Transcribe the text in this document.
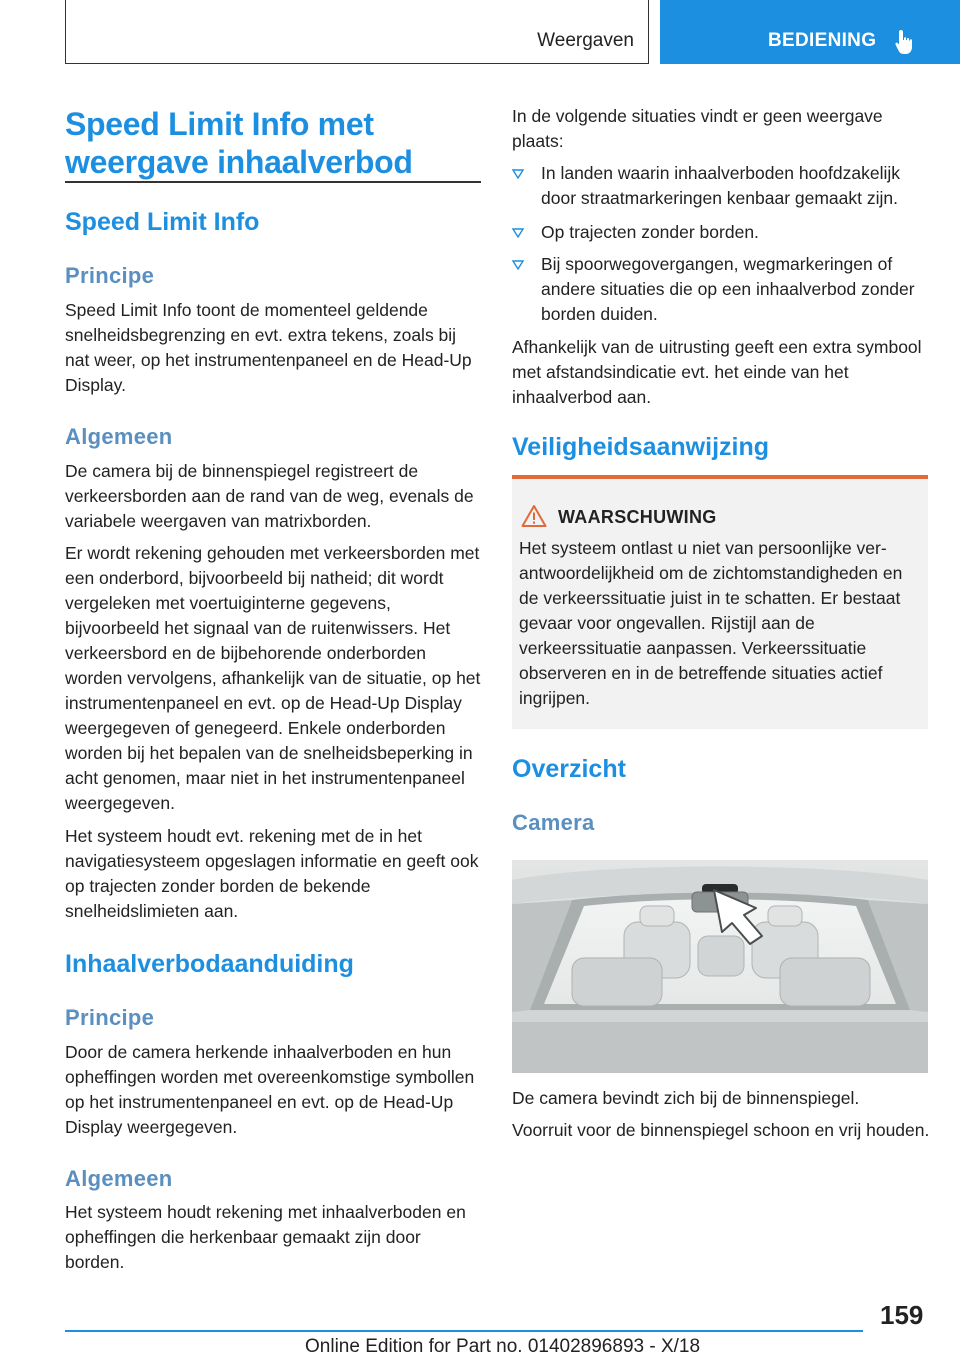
Weergaven	BEDIENING
Speed Limit Info met
weergave inhaalverbod
Speed Limit Info
Principe
Speed Limit Info toont de momenteel geldende snelheidsbegrenzing en evt. extra tekens, zoals bij nat weer, op het instrumentenpaneel en de Head-Up Display.
Algemeen
De camera bij de binnenspiegel registreert de verkeersborden aan de rand van de weg, evenals de variabele weergaven van matrixborden.
Er wordt rekening gehouden met verkeersborden met een onderbord, bijvoorbeeld bij natheid; dit wordt vergeleken met voertuiginterne gegevens, bijvoorbeeld het signaal van de ruitenwissers. Het verkeersbord en de bijbehorende onderborden worden vervolgens, afhankelijk van de situatie, op het instrumentenpaneel en evt. op de Head-Up Display weergegeven of genegeerd. Enkele onderborden worden bij het bepalen van de snelheidsbeperking in acht genomen, maar niet in het instrumentenpaneel weergegeven.
Het systeem houdt evt. rekening met de in het navigatiesysteem opgeslagen informatie en geeft ook op trajecten zonder borden de bekende snelheidslimieten aan.
Inhaalverbodaanduiding
Principe
Door de camera herkende inhaalverboden en hun opheffingen worden met overeenkomstige symbollen op het instrumentenpaneel en evt. op de Head-Up Display weergegeven.
Algemeen
Het systeem houdt rekening met inhaalverboden en opheffingen die herkenbaar gemaakt zijn door borden.
In de volgende situaties vindt er geen weergave plaats:
In landen waarin inhaalverboden hoofdzakelijk door straatmarkeringen kenbaar gemaakt zijn.
Op trajecten zonder borden.
Bij spoorwegovergangen, wegmarkeringen of andere situaties die op een inhaalverbod zonder borden duiden.
Afhankelijk van de uitrusting geeft een extra symbool met afstandsindicatie evt. het einde van het inhaalverbod aan.
Veiligheidsaanwijzing
WAARSCHUWING
Het systeem ontlast u niet van persoonlijke verantwoordelijkheid om de zichtomstandigheden en de verkeerssituatie juist in te schatten. Er bestaat gevaar voor ongevallen. Rijstijl aan de verkeerssituatie aanpassen. Verkeerssituatie observeren en in de betreffende situaties actief ingrijpen.
Overzicht
Camera
De camera bevindt zich bij de binnenspiegel.
Voorruit voor de binnenspiegel schoon en vrij houden.
159
Online Edition for Part no. 01402896893 - X/18
